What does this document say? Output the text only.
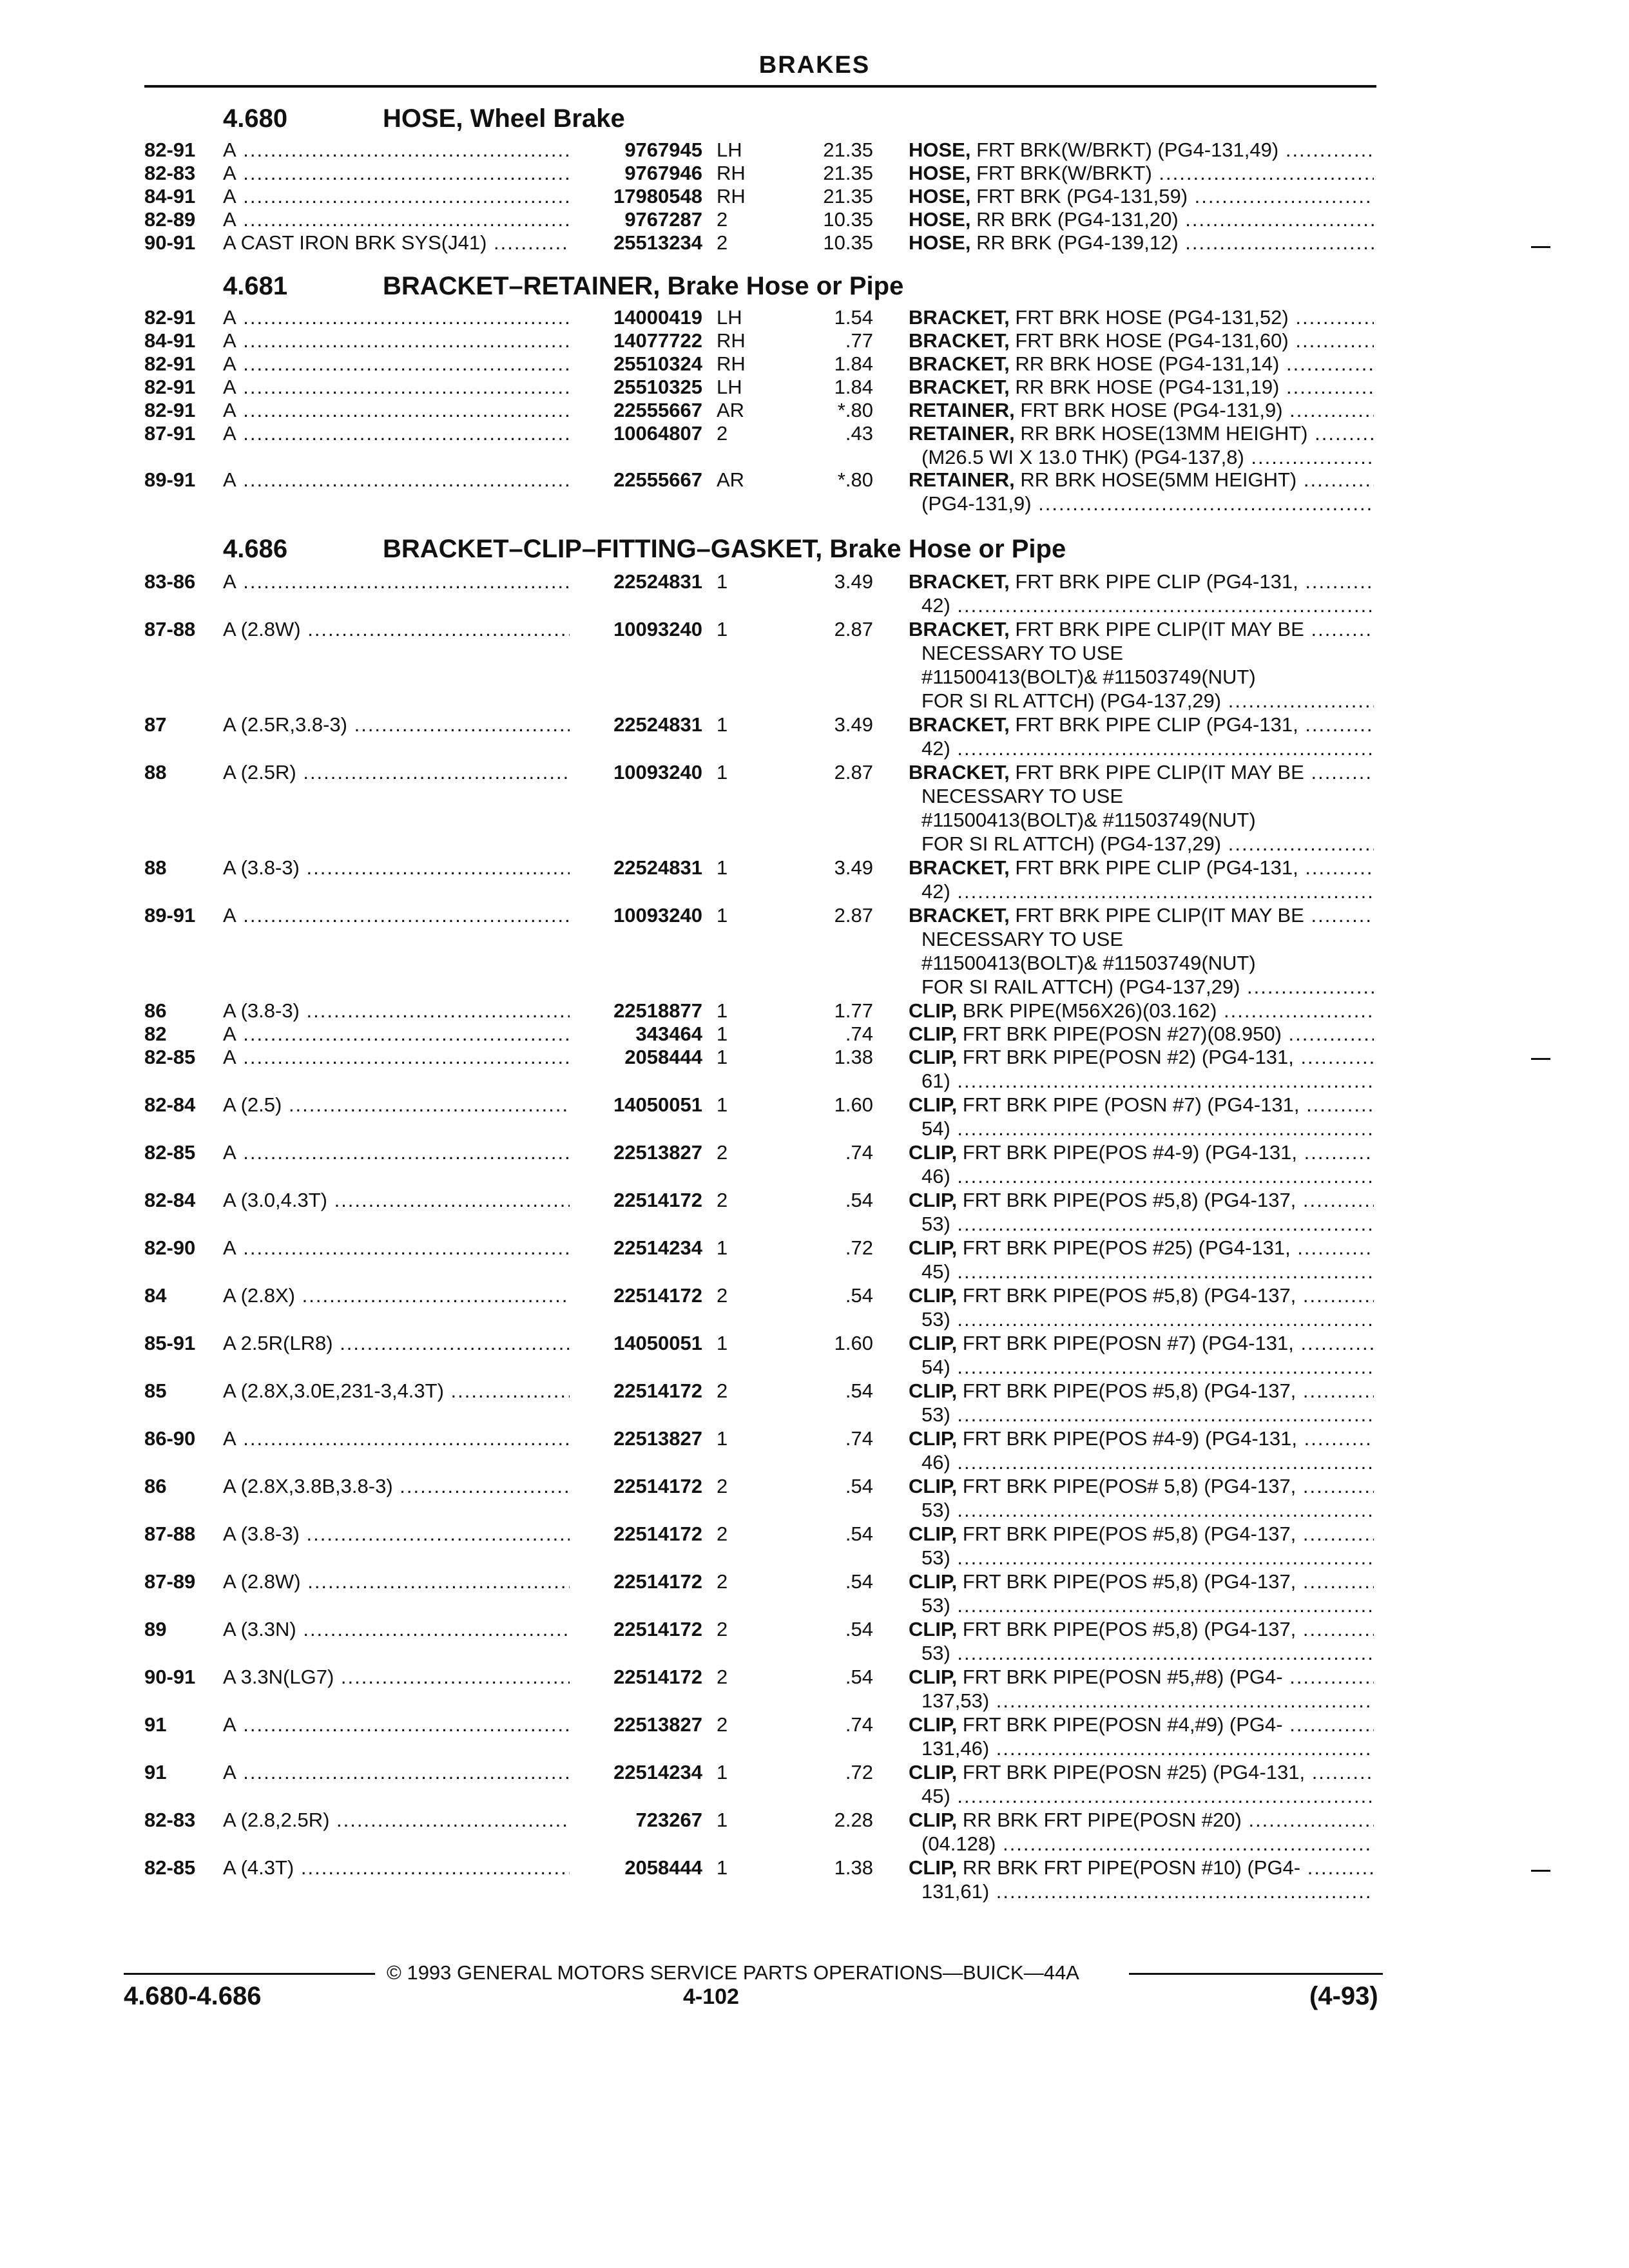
BRAKES
4.680	HOSE, Wheel Brake
4.681	BRACKET–RETAINER, Brake Hose or Pipe
4.686	BRACKET–CLIP–FITTING–GASKET, Brake Hose or Pipe
82-91 A .....	9767945 LH	21.35 HOSE, FRT BRK(W/BRKT) (PG4-131,49) .....
82-83 A .....	9767946 RH	21.35 HOSE, FRT BRK(W/BRKT) .....
84-91 A .....	17980548 RH	21.35 HOSE, FRT BRK (PG4-131,59) .....
82-89 A .....	9767287 2	10.35 HOSE, RR BRK (PG4-131,20) .....
90-91 A CAST IRON BRK SYS(J41) .....	25513234 2	10.35 HOSE, RR BRK (PG4-139,12) .....
82-91 A .....	14000419 LH	1.54 BRACKET, FRT BRK HOSE (PG4-131,52) .....
84-91 A .....	14077722 RH	.77 BRACKET, FRT BRK HOSE (PG4-131,60) .....
82-91 A .....	25510324 RH	1.84 BRACKET, RR BRK HOSE (PG4-131,14) .....
82-91 A .....	25510325 LH	1.84 BRACKET, RR BRK HOSE (PG4-131,19) .....
82-91 A .....	22555667 AR	*.80 RETAINER, FRT BRK HOSE (PG4-131,9) .....
87-91 A .....	10064807 2	.43 RETAINER, RR BRK HOSE(13MM HEIGHT) .....
(M26.5 WI X 13.0 THK) (PG4-137,8) .....
89-91 A .....	22555667 AR	*.80 RETAINER, RR BRK HOSE(5MM HEIGHT) .....
(PG4-131,9) .....
83-86 A .....	22524831 1	3.49 BRACKET, FRT BRK PIPE CLIP (PG4-131, .....
42) .....
87-88 A (2.8W) .....	10093240 1	2.87 BRACKET, FRT BRK PIPE CLIP(IT MAY BE .....
NECESSARY TO USE
#11500413(BOLT)& #11503749(NUT)
FOR SI RL ATTCH) (PG4-137,29) .....
87	A (2.5R,3.8-3) .....	22524831 1	3.49 BRACKET, FRT BRK PIPE CLIP (PG4-131, .....
42) .....
88	A (2.5R) .....	10093240 1	2.87 BRACKET, FRT BRK PIPE CLIP(IT MAY BE .....
NECESSARY TO USE
#11500413(BOLT)& #11503749(NUT)
FOR SI RL ATTCH) (PG4-137,29) .....
88	A (3.8-3) .....	22524831 1	3.49 BRACKET, FRT BRK PIPE CLIP (PG4-131, .....
42) .....
89-91 A .....	10093240 1	2.87 BRACKET, FRT BRK PIPE CLIP(IT MAY BE .....
NECESSARY TO USE
#11500413(BOLT)& #11503749(NUT)
FOR SI RAIL ATTCH) (PG4-137,29) .....
86	A (3.8-3) .....	22518877 1	1.77 CLIP, BRK PIPE(M56X26)(03.162) .....
82	A .....	343464 1	.74 CLIP, FRT BRK PIPE(POSN #27)(08.950) .....
82-85 A .....	2058444 1	1.38 CLIP, FRT BRK PIPE(POSN #2) (PG4-131, .....
61) .....
82-84 A (2.5) .....	14050051 1	1.60 CLIP, FRT BRK PIPE (POSN #7) (PG4-131, .....
54) .....
82-85 A .....	22513827 2	.74 CLIP, FRT BRK PIPE(POS #4-9) (PG4-131, .....
46) .....
82-84 A (3.0,4.3T) .....	22514172 2	.54 CLIP, FRT BRK PIPE(POS #5,8) (PG4-137, .....
53) .....
82-90 A .....	22514234 1	.72 CLIP, FRT BRK PIPE(POS #25) (PG4-131, .....
45) .....
84	A (2.8X) .....	22514172 2	.54 CLIP, FRT BRK PIPE(POS #5,8) (PG4-137, .....
53) .....
85-91 A 2.5R(LR8) .....	14050051 1	1.60 CLIP, FRT BRK PIPE(POSN #7) (PG4-131, .....
54) .....
85	A (2.8X,3.0E,231-3,4.3T) .....	22514172 2	.54 CLIP, FRT BRK PIPE(POS #5,8) (PG4-137, .....
53) .....
86-90 A .....	22513827 1	.74 CLIP, FRT BRK PIPE(POS #4-9) (PG4-131, .....
46) .....
86	A (2.8X,3.8B,3.8-3) .....	22514172 2	.54 CLIP, FRT BRK PIPE(POS# 5,8) (PG4-137, .....
53) .....
87-88 A (3.8-3) .....	22514172 2	.54 CLIP, FRT BRK PIPE(POS #5,8) (PG4-137, .....
53) .....
87-89 A (2.8W) .....	22514172 2	.54 CLIP, FRT BRK PIPE(POS #5,8) (PG4-137, .....
53) .....
89	A (3.3N) .....	22514172 2	.54 CLIP, FRT BRK PIPE(POS #5,8) (PG4-137, .....
53) .....
90-91 A 3.3N(LG7) .....	22514172 2	.54 CLIP, FRT BRK PIPE(POSN #5,#8) (PG4- .....
137,53) .....
91	A .....	22513827 2	.74 CLIP, FRT BRK PIPE(POSN #4,#9) (PG4- .....
131,46) .....
91	A .....	22514234 1	.72 CLIP, FRT BRK PIPE(POSN #25) (PG4-131, .....
45) .....
82-83 A (2.8,2.5R) .....	723267 1	2.28 CLIP, RR BRK FRT PIPE(POSN #20) .....
(04.128) .....
82-85 A (4.3T) .....	2058444 1	1.38 CLIP, RR BRK FRT PIPE(POSN #10) (PG4- .....
131,61) .....
© 1993 GENERAL MOTORS SERVICE PARTS OPERATIONS—BUICK—44A
4.680-4.686	4-102	(4-93)
